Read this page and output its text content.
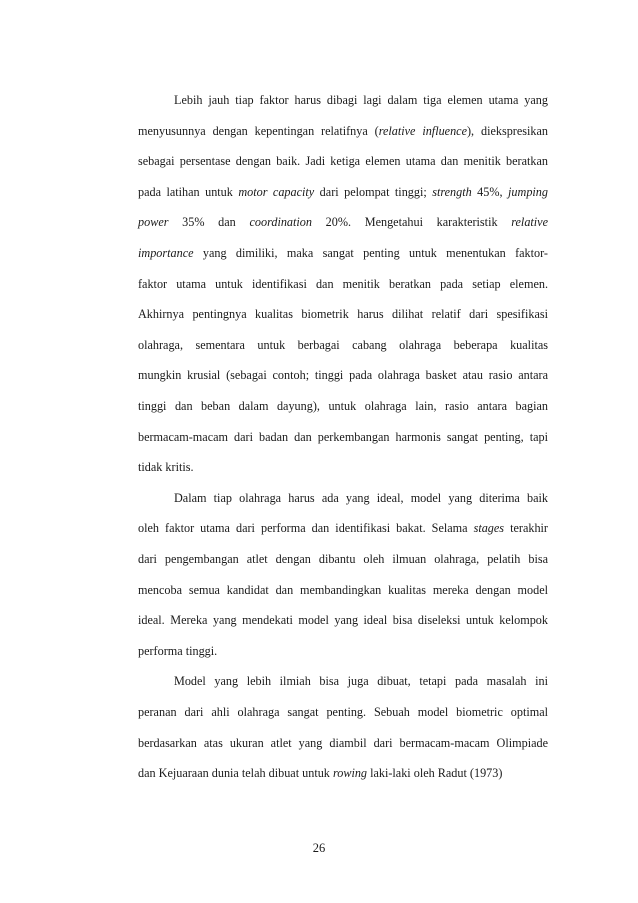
Lebih jauh tiap faktor harus dibagi lagi dalam tiga elemen utama yang
menyusunnya dengan kepentingan relatifnya (relative influence), diekspresikan
sebagai persentase dengan baik. Jadi ketiga elemen utama dan menitik beratkan
pada latihan untuk motor capacity dari pelompat tinggi; strength 45%, jumping
power 35% dan coordination 20%. Mengetahui karakteristik relative
importance yang dimiliki, maka sangat penting untuk menentukan faktor-
faktor utama untuk identifikasi dan menitik beratkan pada setiap elemen.
Akhirnya pentingnya kualitas biometrik harus dilihat relatif dari spesifikasi
olahraga, sementara untuk berbagai cabang olahraga beberapa kualitas
mungkin krusial (sebagai contoh; tinggi pada olahraga basket atau rasio antara
tinggi dan beban dalam dayung), untuk olahraga lain, rasio antara bagian
bermacam-macam dari badan dan perkembangan harmonis sangat penting, tapi
tidak kritis.
Dalam tiap olahraga harus ada yang ideal, model yang diterima baik
oleh faktor utama dari performa dan identifikasi bakat. Selama stages terakhir
dari pengembangan atlet dengan dibantu oleh ilmuan olahraga, pelatih bisa
mencoba semua kandidat dan membandingkan kualitas mereka dengan model
ideal. Mereka yang mendekati model yang ideal bisa diseleksi untuk kelompok
performa tinggi.
Model yang lebih ilmiah bisa juga dibuat, tetapi pada masalah ini
peranan dari ahli olahraga sangat penting. Sebuah model biometric optimal
berdasarkan atas ukuran atlet yang diambil dari bermacam-macam Olimpiade
dan Kejuaraan dunia telah dibuat untuk rowing laki-laki oleh Radut (1973)
26
